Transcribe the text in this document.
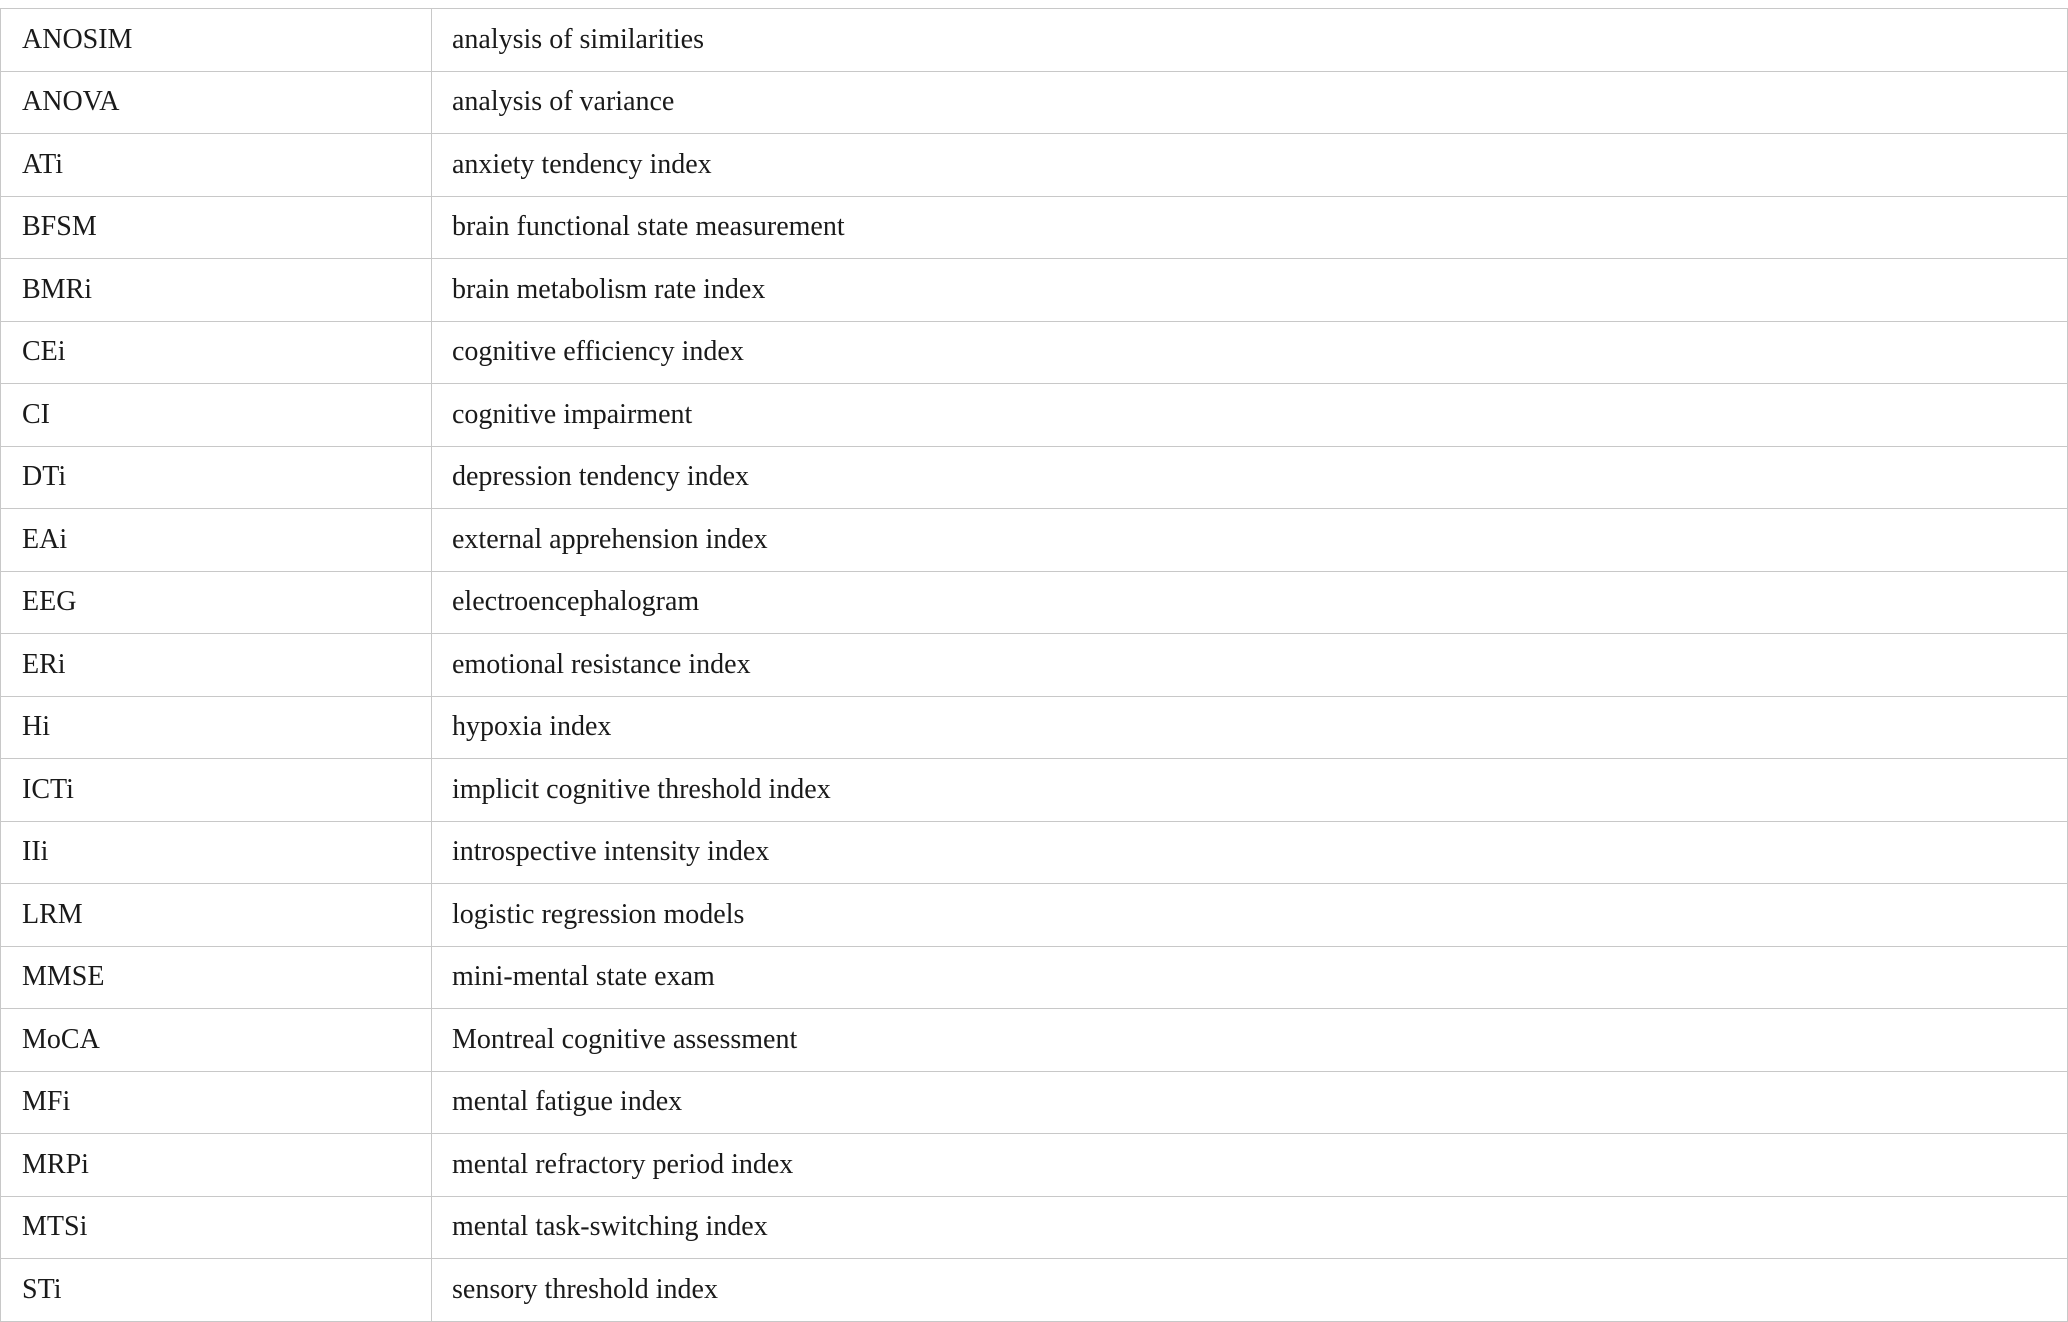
ANOSIM	analysis of similarities
ANOVA	analysis of variance
ATi	anxiety tendency index
BFSM	brain functional state measurement
BMRi	brain metabolism rate index
CEi	cognitive efficiency index
CI	cognitive impairment
DTi	depression tendency index
EAi	external apprehension index
EEG	electroencephalogram
ERi	emotional resistance index
Hi	hypoxia index
ICTi	implicit cognitive threshold index
IIi	introspective intensity index
LRM	logistic regression models
MMSE	mini-mental state exam
MoCA	Montreal cognitive assessment
MFi	mental fatigue index
MRPi	mental refractory period index
MTSi	mental task-switching index
STi	sensory threshold index
